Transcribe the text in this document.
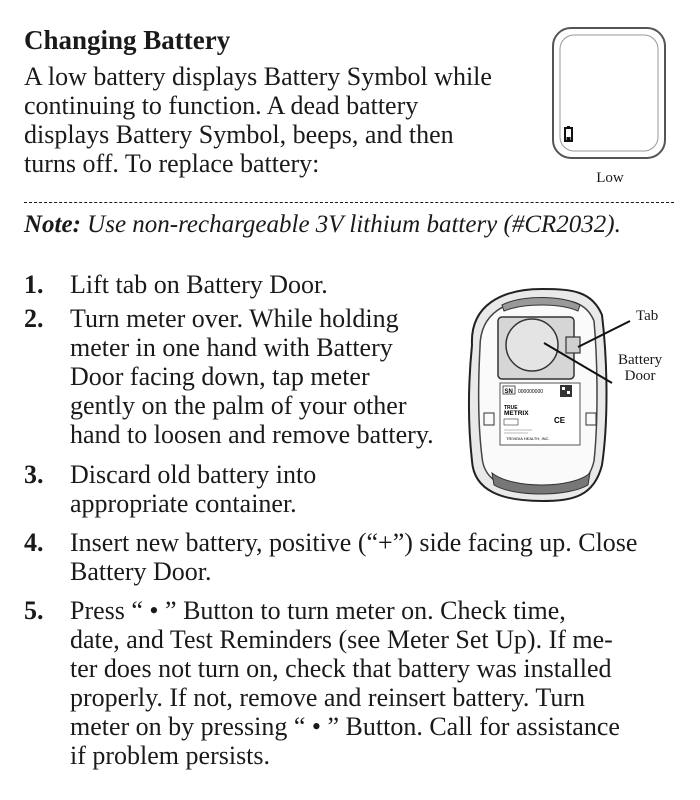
Changing Battery

A low battery displays Battery Symbol while
continuing to function. A dead battery
displays Battery Symbol, beeps, and then
turns off. To replace battery:	Low
Note: Use non-rechargeable 3V lithium battery (#CR2032).
1.	Lift tab on Battery Door.
2.	Turn meter over. While holding
meter in one hand with Battery
Door facing down, tap meter
gently on the palm of your other
hand to loosen and remove battery.
3.	Discard old battery into
appropriate container.
4.	Insert new battery, positive (“+”) side facing up. Close
Battery Door.
5.	Press “ • ” Button to turn meter on. Check time,
date, and Test Reminders (see Meter Set Up). If me-
ter does not turn on, check that battery was installed
properly. If not, remove and reinsert battery. Turn
meter on by pressing “ • ” Button. Call for assistance
if problem persists.
SN 000000000
TRUE
METRIX
CE
TRIVIDIA HEALTH, INC.
Tab
Battery
Door
